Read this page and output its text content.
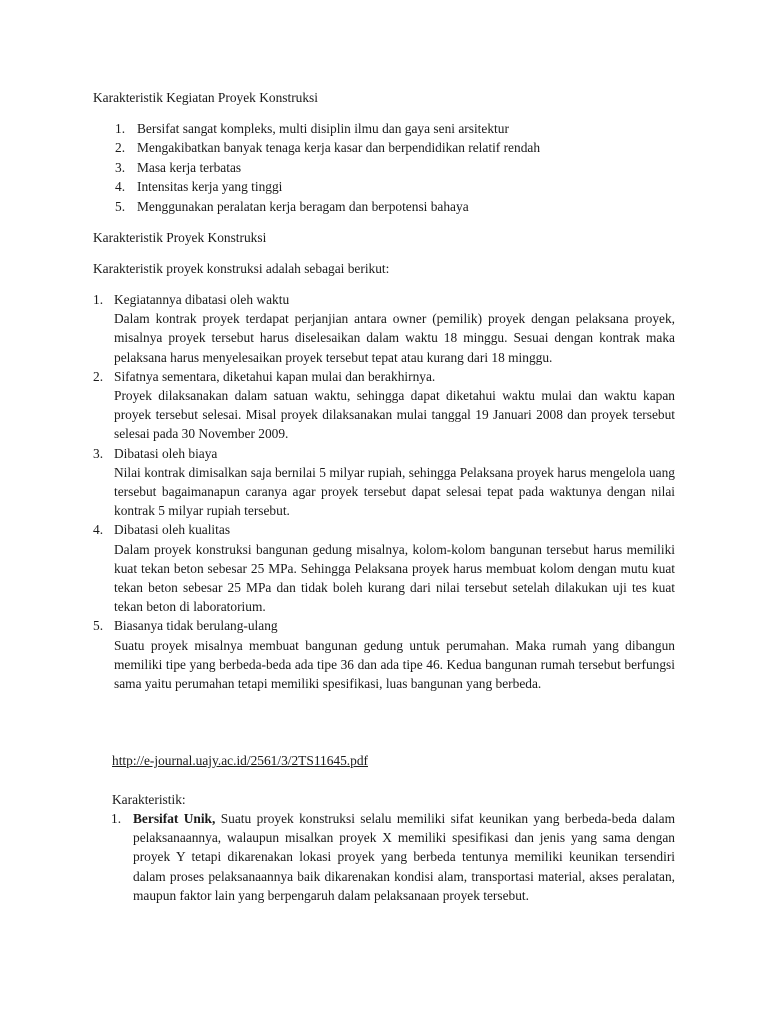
Karakteristik Kegiatan Proyek Konstruksi
1. Bersifat sangat kompleks, multi disiplin ilmu dan gaya seni arsitektur
2. Mengakibatkan banyak tenaga kerja kasar dan berpendidikan relatif rendah
3. Masa kerja terbatas
4. Intensitas kerja yang tinggi
5. Menggunakan peralatan kerja beragam dan berpotensi bahaya
Karakteristik Proyek Konstruksi
Karakteristik proyek konstruksi adalah sebagai berikut:
1. Kegiatannya dibatasi oleh waktu
Dalam kontrak proyek terdapat perjanjian antara owner (pemilik) proyek dengan pelaksana proyek, misalnya proyek tersebut harus diselesaikan dalam waktu 18 minggu. Sesuai dengan kontrak maka pelaksana harus menyelesaikan proyek tersebut tepat atau kurang dari 18 minggu.
2. Sifatnya sementara, diketahui kapan mulai dan berakhirnya.
Proyek dilaksanakan dalam satuan waktu, sehingga dapat diketahui waktu mulai dan waktu kapan proyek tersebut selesai. Misal proyek dilaksanakan mulai tanggal 19 Januari 2008 dan proyek tersebut selesai pada 30 November 2009.
3. Dibatasi oleh biaya
Nilai kontrak dimisalkan saja bernilai 5 milyar rupiah, sehingga Pelaksana proyek harus mengelola uang tersebut bagaimanapun caranya agar proyek tersebut dapat selesai tepat pada waktunya dengan nilai kontrak 5 milyar rupiah tersebut.
4. Dibatasi oleh kualitas
Dalam proyek konstruksi bangunan gedung misalnya, kolom-kolom bangunan tersebut harus memiliki kuat tekan beton sebesar 25 MPa. Sehingga Pelaksana proyek harus membuat kolom dengan mutu kuat tekan beton sebesar 25 MPa dan tidak boleh kurang dari nilai tersebut setelah dilakukan uji tes kuat tekan beton di laboratorium.
5. Biasanya tidak berulang-ulang
Suatu proyek misalnya membuat bangunan gedung untuk perumahan. Maka rumah yang dibangun memiliki tipe yang berbeda-beda ada tipe 36 dan ada tipe 46. Kedua bangunan rumah tersebut berfungsi sama yaitu perumahan tetapi memiliki spesifikasi, luas bangunan yang berbeda.
http://e-journal.uajy.ac.id/2561/3/2TS11645.pdf
Karakteristik:
1. Bersifat Unik, Suatu proyek konstruksi selalu memiliki sifat keunikan yang berbeda-beda dalam pelaksanaannya, walaupun misalkan proyek X memiliki spesifikasi dan jenis yang sama dengan proyek Y tetapi dikarenakan lokasi proyek yang berbeda tentunya memiliki keunikan tersendiri dalam proses pelaksanaannya baik dikarenakan kondisi alam, transportasi material, akses peralatan, maupun faktor lain yang berpengaruh dalam pelaksanaan proyek tersebut.
